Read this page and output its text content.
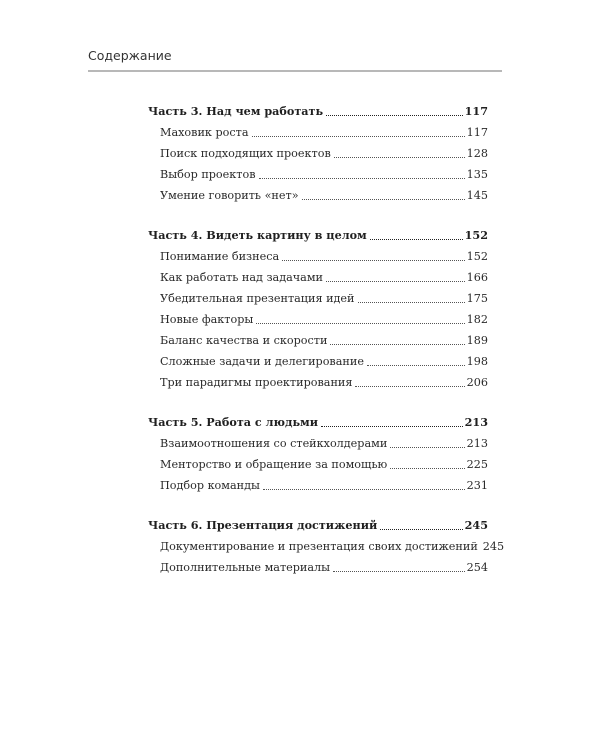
Содержание
Часть 3. Над чем работать	117
Маховик роста	117
Поиск подходящих проектов	128
Выбор проектов	135
Умение говорить «нет»	145
Часть 4. Видеть картину в целом	152
Понимание бизнеса	152
Как работать над задачами	166
Убедительная презентация идей	175
Новые факторы	182
Баланс качества и скорости	189
Сложные задачи и делегирование	198
Три парадигмы проектирования	206
Часть 5. Работа с людьми	213
Взаимоотношения со стейкхолдерами	213
Менторство и обращение за помощью	225
Подбор команды	231
Часть 6. Презентация достижений	245
Документирование и презентация своих достижений 245
Дополнительные материалы	254
